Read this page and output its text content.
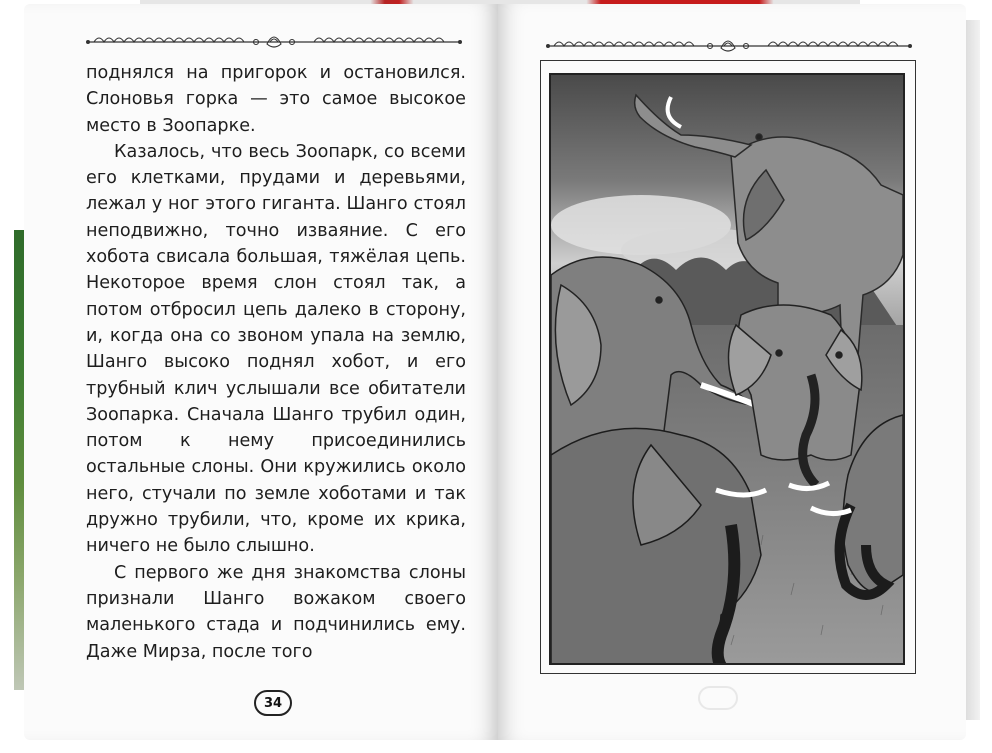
поднялся на пригорок и остановился. Слоновья горка — это самое высокое место в Зоопарке.

Казалось, что весь Зоопарк, со всеми его клетками, прудами и деревьями, лежал у ног этого гиганта. Шанго стоял неподвижно, точно изваяние. С его хобота свисала большая, тяжёлая цепь. Некоторое время слон стоял так, а потом отбросил цепь далеко в сторону, и, когда она со звоном упала на землю, Шанго высоко поднял хобот, и его трубный клич услышали все обитатели Зоопарка. Сначала Шанго трубил один, потом к нему присоединились остальные слоны. Они кружились около него, стучали по земле хоботами и так дружно трубили, что, кроме их крика, ничего не было слышно.

С первого же дня знакомства слоны признали Шанго вожаком своего маленького стада и подчинились ему. Даже Мирза, после того

34
